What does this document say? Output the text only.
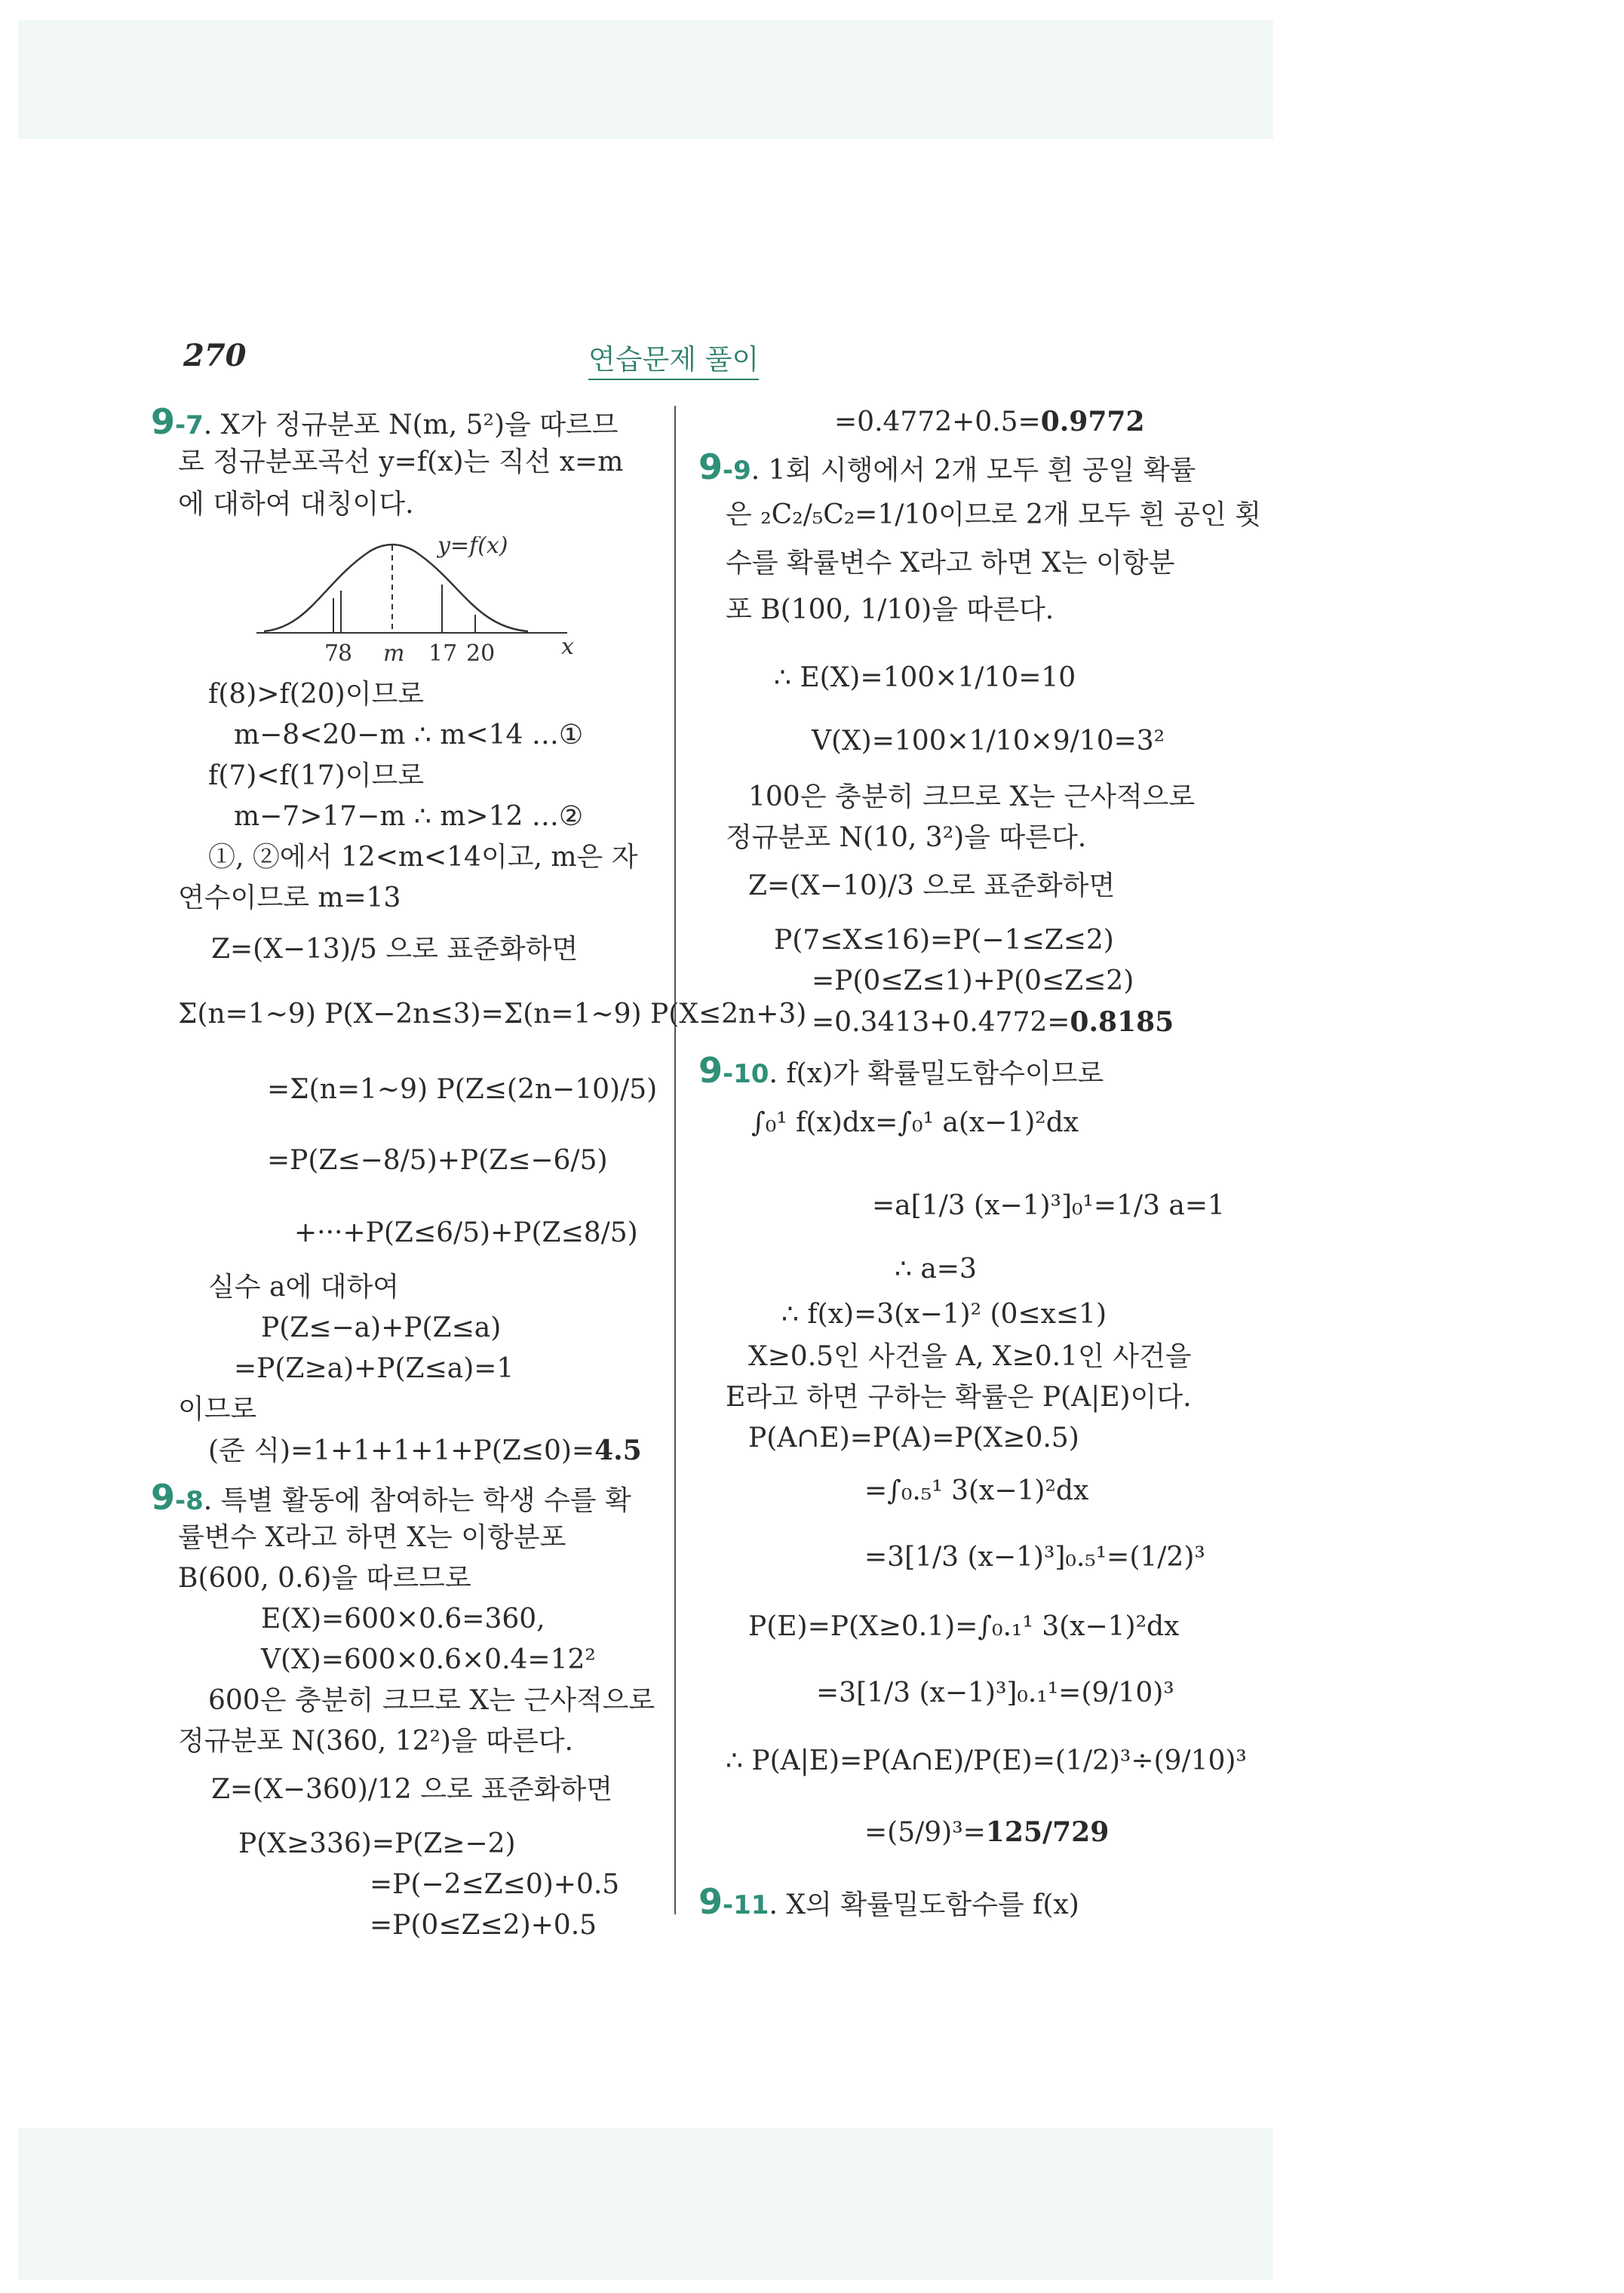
270	연습문제 풀이
9-7. X가 정규분포 N(m, 5²)을 따르므
로 정규분포곡선 y=f(x)는 직선 x=m
에 대하여 대칭이다.
y=f(x)
7
8 m 17 20	x
f(8)>f(20)이므로
m−8<20−m ∴ m<14 …①
f(7)<f(17)이므로
m−7>17−m ∴ m>12 …②
①, ②에서 12<m<14이고, m은 자
연수이므로 m=13
Z=(X−13)/5 으로 표준화하면
Σ(n=1~9) P(X−2n≤3)=Σ(n=1~9) P(X≤2n+3)
=Σ(n=1~9) P(Z≤(2n−10)/5)
=P(Z≤−8/5)+P(Z≤−6/5)
+···+P(Z≤6/5)+P(Z≤8/5)
실수 a에 대하여
P(Z≤−a)+P(Z≤a)
=P(Z≥a)+P(Z≤a)=1
이므로
(준 식)=1+1+1+1+P(Z≤0)=4.5
9-8. 특별 활동에 참여하는 학생 수를 확
률변수 X라고 하면 X는 이항분포
B(600, 0.6)을 따르므로
E(X)=600×0.6=360,
V(X)=600×0.6×0.4=12²
600은 충분히 크므로 X는 근사적으로
정규분포 N(360, 12²)을 따른다.
Z=(X−360)/12 으로 표준화하면
P(X≥336)=P(Z≥−2)
=P(−2≤Z≤0)+0.5
=P(0≤Z≤2)+0.5
=0.4772+0.5=0.9772
9-9. 1회 시행에서 2개 모두 흰 공일 확률
은 ₂C₂/₅C₂=1/10이므로 2개 모두 흰 공인 횟
수를 확률변수 X라고 하면 X는 이항분
포 B(100, 1/10)을 따른다.
∴ E(X)=100×1/10=10
V(X)=100×1/10×9/10=3²
100은 충분히 크므로 X는 근사적으로
정규분포 N(10, 3²)을 따른다.
Z=(X−10)/3 으로 표준화하면
P(7≤X≤16)=P(−1≤Z≤2)
=P(0≤Z≤1)+P(0≤Z≤2)
=0.3413+0.4772=0.8185
9-10. f(x)가 확률밀도함수이므로
∫₀¹ f(x)dx=∫₀¹ a(x−1)²dx
=a[1/3 (x−1)³]₀¹=1/3 a=1
∴ a=3
∴ f(x)=3(x−1)² (0≤x≤1)
X≥0.5인 사건을 A, X≥0.1인 사건을
E라고 하면 구하는 확률은 P(A|E)이다.
P(A∩E)=P(A)=P(X≥0.5)
=∫₀.₅¹ 3(x−1)²dx
=3[1/3 (x−1)³]₀.₅¹=(1/2)³
P(E)=P(X≥0.1)=∫₀.₁¹ 3(x−1)²dx
=3[1/3 (x−1)³]₀.₁¹=(9/10)³
∴ P(A|E)=P(A∩E)/P(E)=(1/2)³÷(9/10)³
=(5/9)³=125/729
9-11. X의 확률밀도함수를 f(x)
